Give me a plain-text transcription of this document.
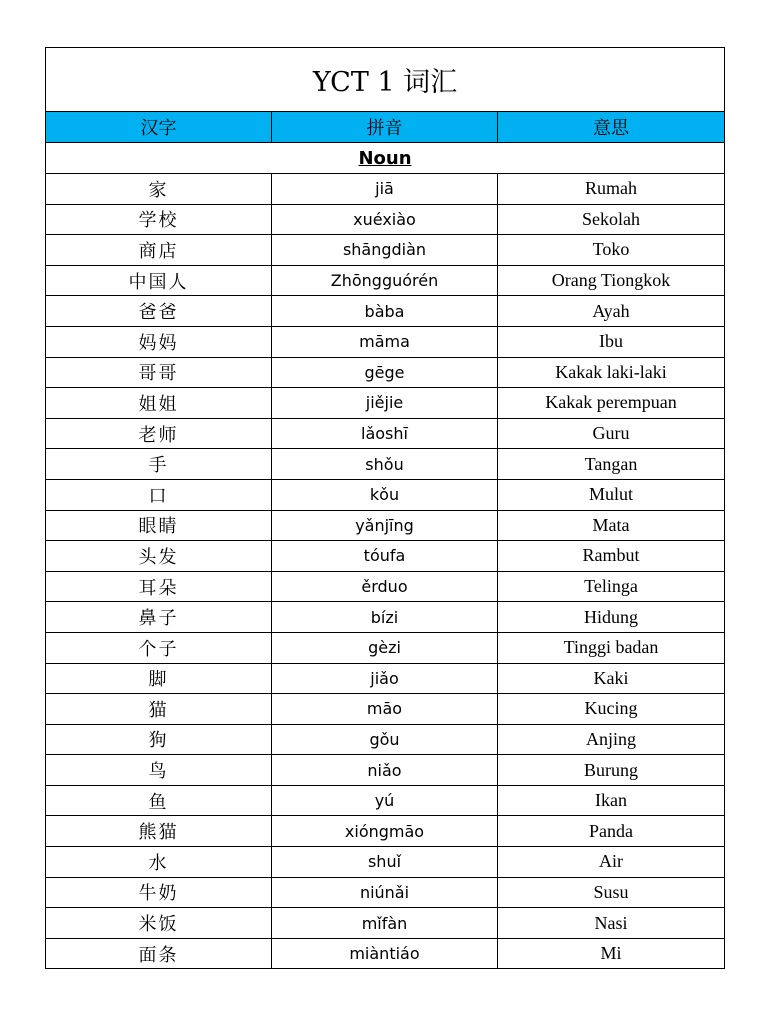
YCT 1 词汇		
汉字	拼音	意思
Noun		
家	jiā	Rumah
学校	xuéxiào	Sekolah
商店	shāngdiàn	Toko
中国人	Zhōngguórén	Orang Tiongkok
爸爸	bàba	Ayah
妈妈	māma	Ibu
哥哥	gēge	Kakak laki-laki
姐姐	jiějie	Kakak perempuan
老师	lǎoshī	Guru
手	shǒu	Tangan
口	kǒu	Mulut
眼睛	yǎnjīng	Mata
头发	tóufa	Rambut
耳朵	ěrduo	Telinga
鼻子	bízi	Hidung
个子	gèzi	Tinggi badan
脚	jiǎo	Kaki
猫	māo	Kucing
狗	gǒu	Anjing
鸟	niǎo	Burung
鱼	yú	Ikan
熊猫	xióngmāo	Panda
水	shuǐ	Air
牛奶	niúnǎi	Susu
米饭	mǐfàn	Nasi
面条	miàntiáo	Mi
